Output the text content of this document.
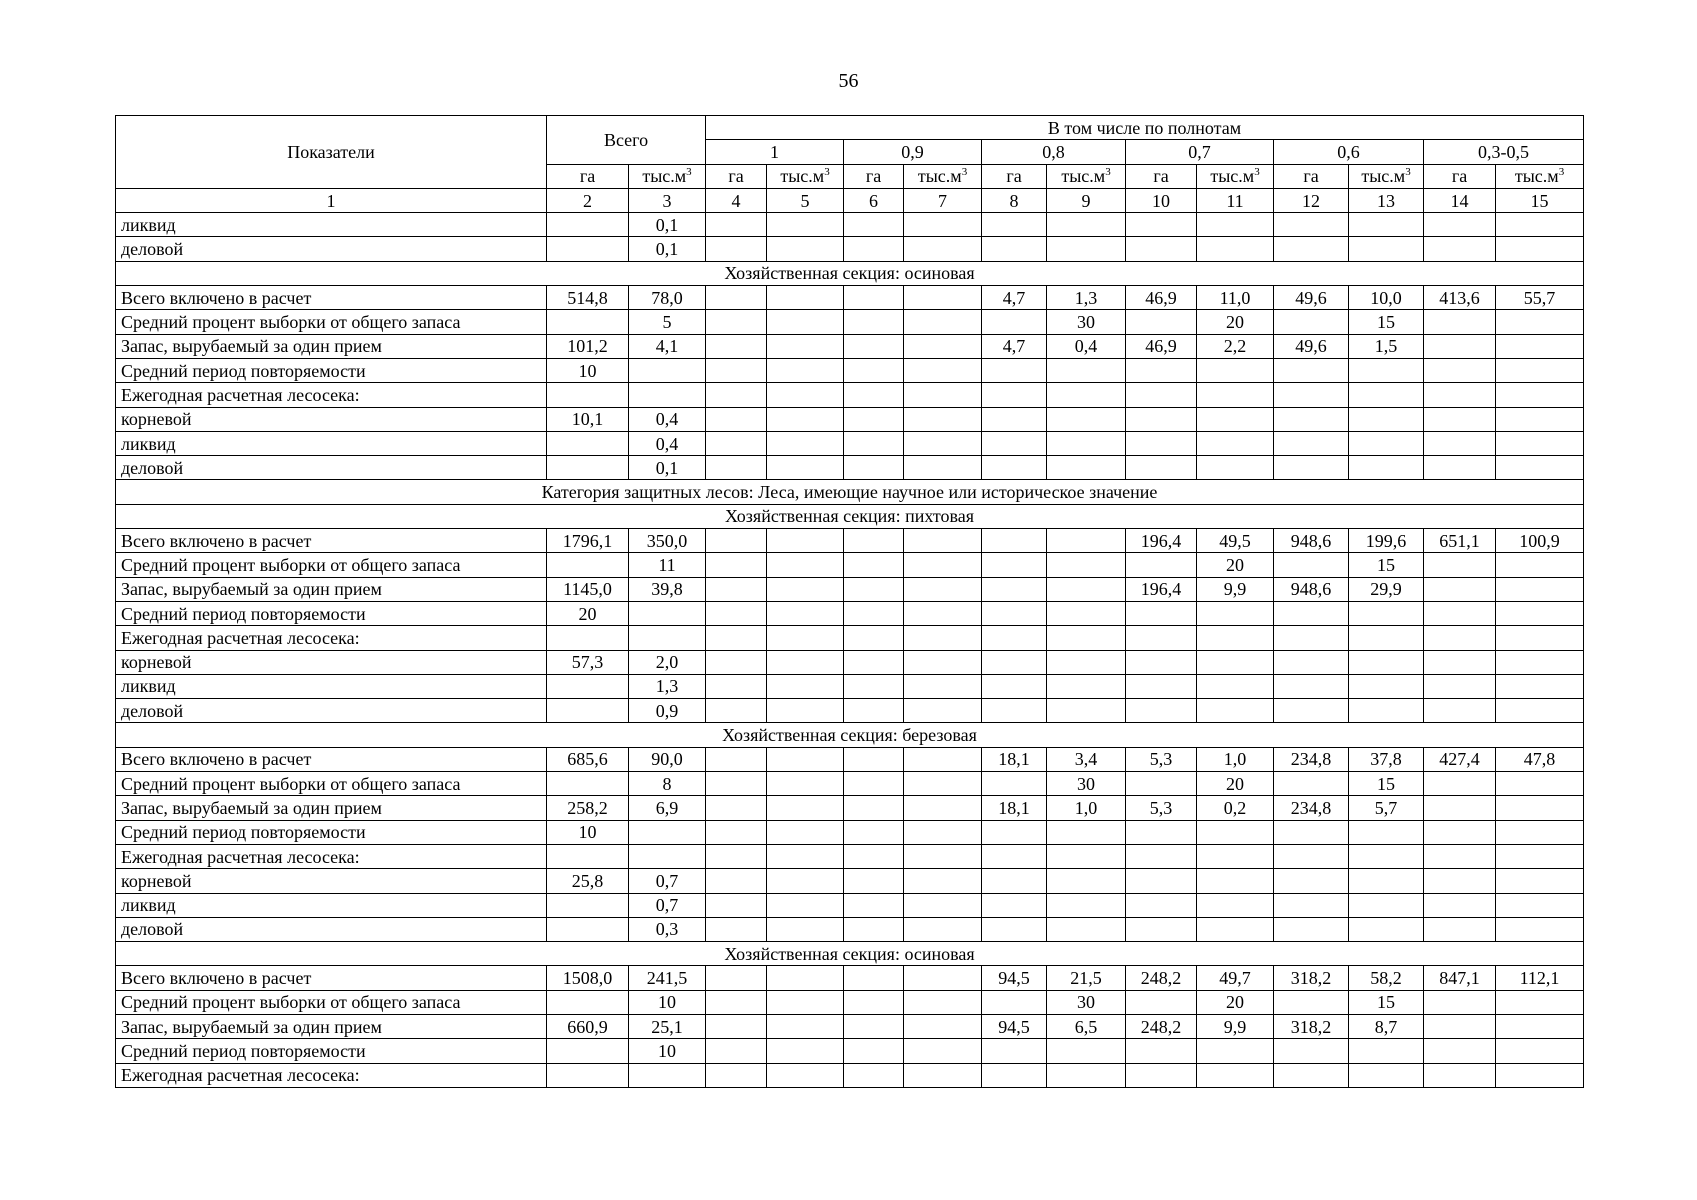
56
Показатели	Всего		В том числе по полнотам											
			1		0,9		0,8		0,7		0,6		0,3-0,5	
	га	$тыс.м^3$	га	$тыс.м^3$	га	$тыс.м^3$	га	$тыс.м^3$	га	$тыс.м^3$	га	$тыс.м^3$	га	$тыс.м^3$
1	2	3	4	5	6	7	8	9	10	11	12	13	14	15
ликвид		0,1												
деловой		0,1												
Хозяйственная секция: осиновая														
Всего включено в расчет	514,8	78,0					4,7	1,3	46,9	11,0	49,6	10,0	413,6	55,7
Средний процент выборки от общего запаса		5						30		20		15		
Запас, вырубаемый за один прием	101,2	4,1					4,7	0,4	46,9	2,2	49,6	1,5		
Средний период повторяемости	10													
Ежегодная расчетная лесосека:														
корневой	10,1	0,4												
ликвид		0,4												
деловой		0,1												
Категория защитных лесов: Леса, имеющие научное или историческое значение														
Хозяйственная секция: пихтовая														
Всего включено в расчет	1796,1	350,0							196,4	49,5	948,6	199,6	651,1	100,9
Средний процент выборки от общего запаса		11								20		15		
Запас, вырубаемый за один прием	1145,0	39,8							196,4	9,9	948,6	29,9		
Средний период повторяемости	20													
Ежегодная расчетная лесосека:														
корневой	57,3	2,0												
ликвид		1,3												
деловой		0,9												
Хозяйственная секция: березовая														
Всего включено в расчет	685,6	90,0					18,1	3,4	5,3	1,0	234,8	37,8	427,4	47,8
Средний процент выборки от общего запаса		8						30		20		15		
Запас, вырубаемый за один прием	258,2	6,9					18,1	1,0	5,3	0,2	234,8	5,7		
Средний период повторяемости	10													
Ежегодная расчетная лесосека:														
корневой	25,8	0,7												
ликвид		0,7												
деловой		0,3												
Хозяйственная секция: осиновая														
Всего включено в расчет	1508,0	241,5					94,5	21,5	248,2	49,7	318,2	58,2	847,1	112,1
Средний процент выборки от общего запаса		10						30		20		15		
Запас, вырубаемый за один прием	660,9	25,1					94,5	6,5	248,2	9,9	318,2	8,7		
Средний период повторяемости		10												
Ежегодная расчетная лесосека:														
